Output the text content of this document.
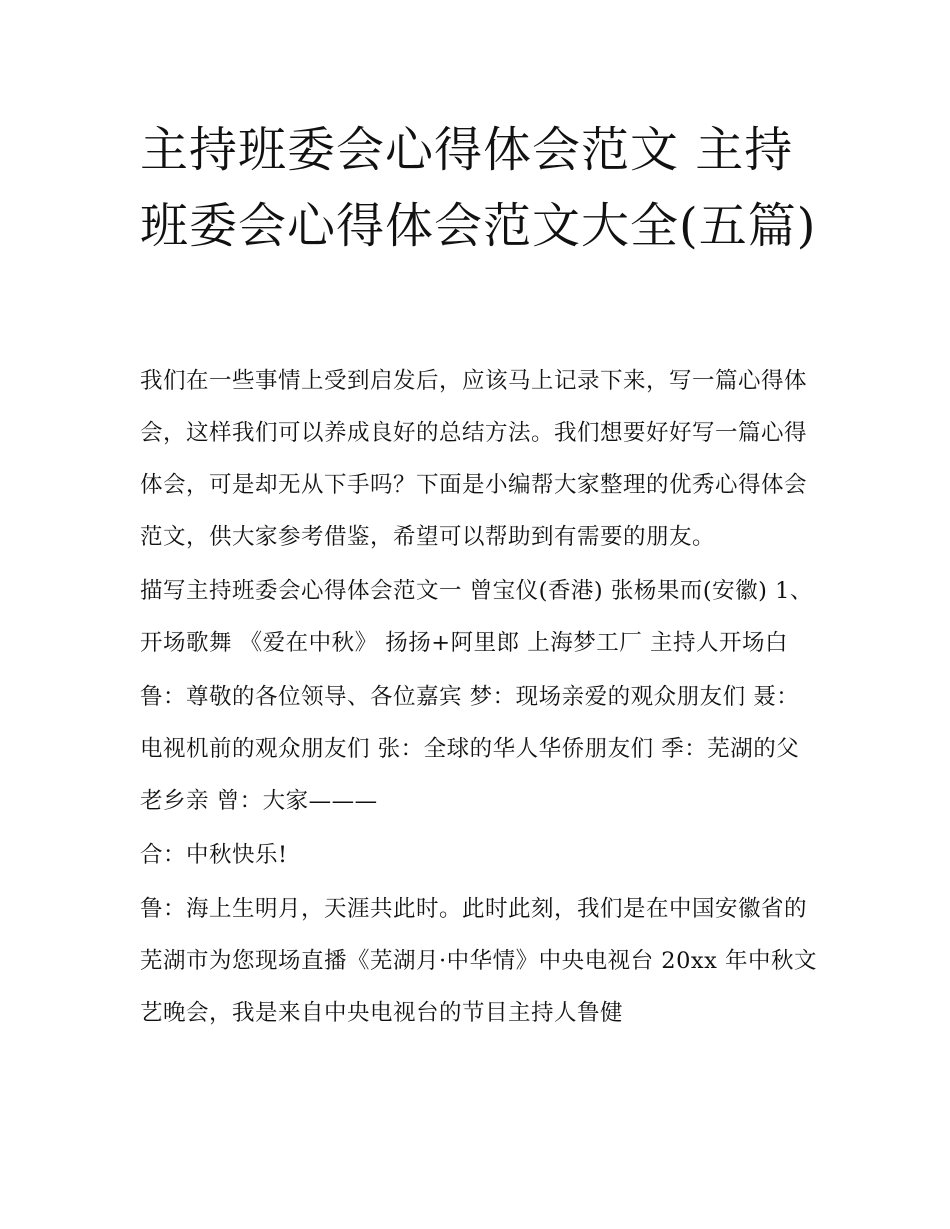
主持班委会心得体会范文 主持班委会心得体会范文大全(五篇)

我们在一些事情上受到启发后，应该马上记录下来，写一篇心得体会，这样我们可以养成良好的总结方法。我们想要好好写一篇心得体会，可是却无从下手吗？下面是小编帮大家整理的优秀心得体会范文，供大家参考借鉴，希望可以帮助到有需要的朋友。

描写主持班委会心得体会范文一 曾宝仪(香港) 张杨果而(安徽) 1、开场歌舞 《爱在中秋》 扬扬+阿里郎 上海梦工厂 主持人开场白

鲁：尊敬的各位领导、各位嘉宾 梦：现场亲爱的观众朋友们 聂：电视机前的观众朋友们 张：全球的华人华侨朋友们 季：芜湖的父老乡亲 曾：大家———

合：中秋快乐!

鲁：海上生明月，天涯共此时。此时此刻，我们是在中国安徽省的芜湖市为您现场直播《芜湖月·中华情》中央电视台 20xx 年中秋文艺晚会，我是来自中央电视台的节目主持人鲁健
